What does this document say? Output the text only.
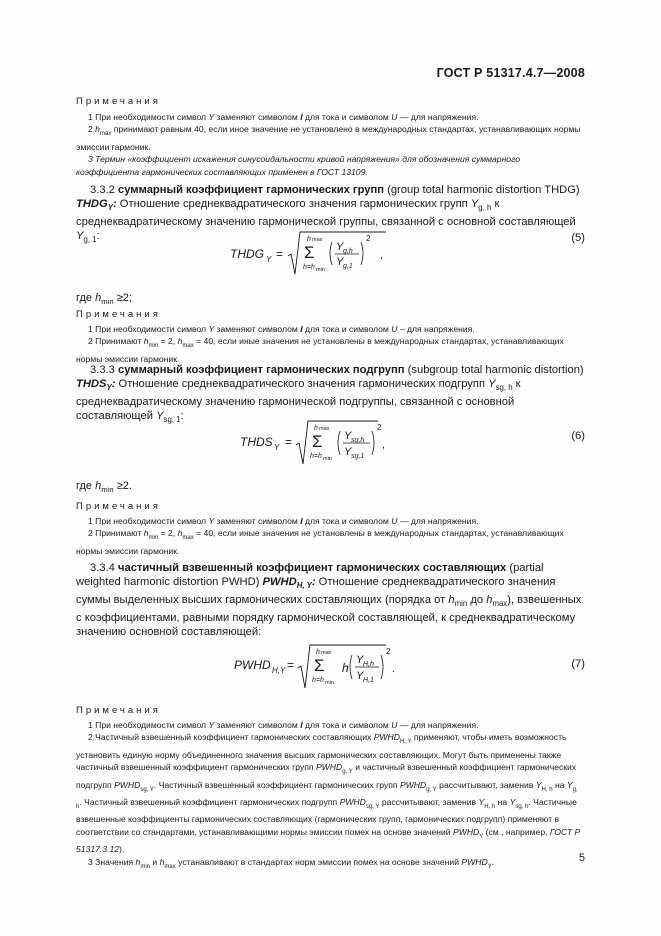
ГОСТ Р 51317.4.7—2008
Примечания

1 При необходимости символ Y заменяют символом I для тока и символом U — для напряжения.

2 $h_{max}$ принимают равным 40, если иное значение не установлено в международных стандартах, устанавливающих нормы эмиссии гармоник.

3 Термин «коэффициент искажения синусоидальности кривой напряжения» для обозначения суммарного коэффициента гармонических составляющих применен в ГОСТ 13109.

3.3.2 суммарный коэффициент гармонических групп (group total harmonic distortion THDG) $THDG_Y$: Отношение среднеквадратического значения гармонических групп $Y_{g, h}$ к среднеквадратическому значению гармонической группы, связанной с основной составляющей $Y_{g, 1}$:

THDG Y =
h max
Σ
h=h min
Y g,h
Y g,1
2
,
(5)
где $h_{min} \ge 2$;
Примечания

1 При необходимости символ Y заменяют символом I для тока и символом U – для напряжения.

2 Принимают $h_{min} = 2$, $h_{max} = 40$, если иные значения не установлены в международных стандартах, устанавливающих нормы эмиссии гармоник.

3.3.3 суммарный коэффициент гармонических подгрупп (subgroup total harmonic distortion) $THDS_Y$: Отношение среднеквадратического значения гармонических подгрупп $Y_{sg, h}$ к среднеквадратическому значению гармонической подгруппы, связанной с основной составляющей $Y_{sg, 1}$:

THDS Y =
h max
Σ
h=h min
Y sg,h
Y sg,1
2
,
(6)
где $h_{min} \ge 2$.
Примечания

1 При необходимости символ Y заменяют символом I для тока и символом U — для напряжения.

2 Принимают $h_{min} = 2$, $h_{max} = 40$, если иные значения не установлены в международных стандартах, устанавливающих нормы эмиссии гармоник.

3.3.4 частичный взвешенный коэффициент гармонических составляющих (partial weighted harmonic distortion PWHD) $PWHD_{H, Y}$: Отношение среднеквадратического значения суммы выделенных высших гармонических составляющих (порядка от $h_{min}$ до $h_{max}$), взвешенных с коэффициентами, равными порядку гармонической составляющей, к среднеквадратическому значению основной составляющей:

PWHD H,Y =
h max
Σ
h=h min
h
Y H,h
Y H,1
2
.	(7)
Примечания

1 При необходимости символ Y заменяют символом I для тока и символом U — для напряжения.

2 Частичный взвешенный коэффициент гармонических составляющих $PWHD_{H, Y}$ применяют, чтобы иметь возможность установить единую норму объединенного значения высших гармонических составляющих. Могут быть применены также частичный взвешенный коэффициент гармонических групп $PWHD_{g, Y}$ и частичный взвешенный коэффициент гармонических подгрупп $PWHD_{sg, Y}$. Частичный взвешенный коэффициент гармонических групп $PWHD_{g, Y}$ рассчитывают, заменив $Y_{H, h}$ на $Y_{g, h}$. Частичный взвешенный коэффициент гармонических подгрупп $PWHD_{sg, Y}$ рассчитывают, заменив $Y_{H, h}$ на $Y_{sg, h}$. Частичные взвешенные коэффициенты гармонических составляющих (гармонических групп, гармонических подгрупп) применяют в соответствии со стандартами, устанавливающими нормы эмиссии помех на основе значений $PWHD_Y$ (см., например, ГОСТ Р 51317.3.12).

3 Значения $h_{min}$ и $h_{max}$ устанавливают в стандартах норм эмиссии помех на основе значений $PWHD_Y$.	5
